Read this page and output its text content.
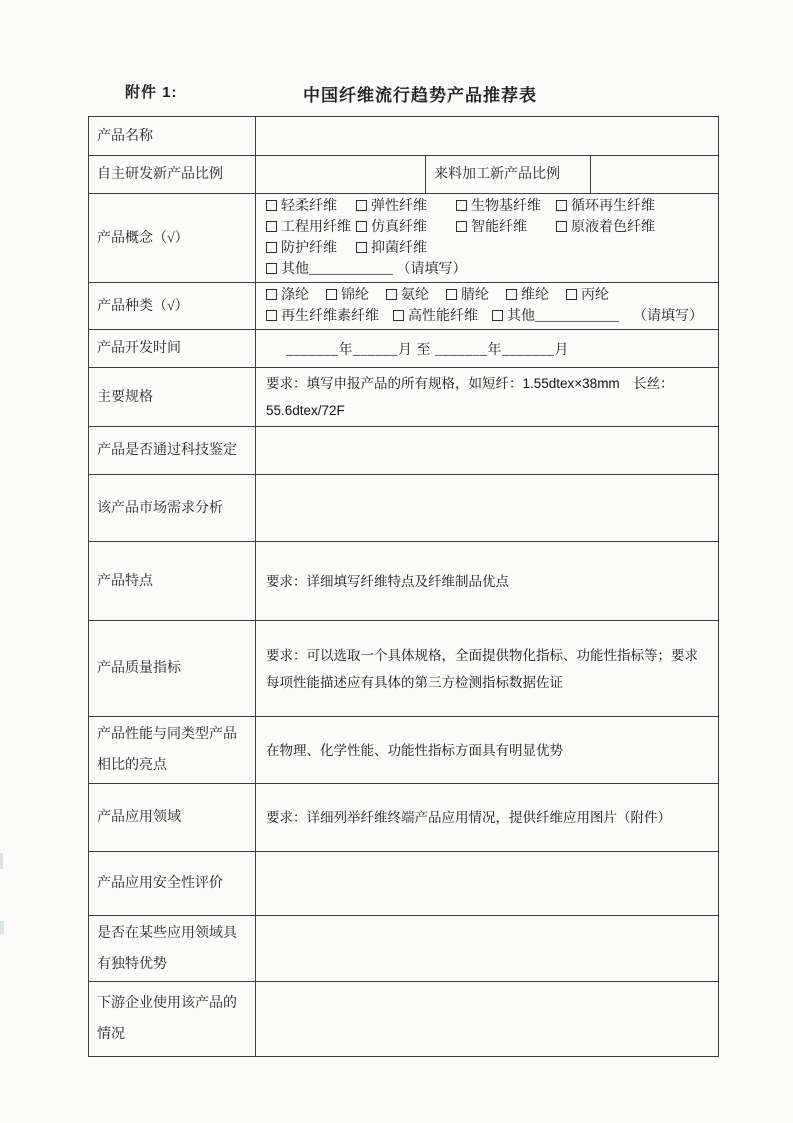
附件 1:	中国纤维流行趋势产品推荐表
产品名称			
自主研发新产品比例		来料加工新产品比例	
产品概念（√）	
轻柔纤维	弹性纤维	生物基纤维	循环再生纤维
工程用纤维	仿真纤维	智能纤维	原液着色纤维
防护纤维	抑菌纤维
其他____________ （请填写）

产品种类（√）	
涤纶	锦纶	氨纶	腈纶	维纶	丙纶
再生纤维素纤维	高性能纤维	其他____________ （请填写）

产品开发时间	_______年______月 至 _______年_______月		

主要规格	要求：填写申报产品的所有规格，如短纤：1.55dtex×38mm　长丝：
55.6dtex/72F		

产品是否通过科技鉴定			
该产品市场需求分析			
产品特点	要求：详细填写纤维特点及纤维制品优点		

产品质量指标	要求：可以选取一个具体规格，全面提供物化指标、功能性指标等；要求每项性能描述应有具体的第三方检测指标数据佐证		

产品性能与同类型产品相比的亮点	在物理、化学性能、功能性指标方面具有明显优势		

产品应用领域	要求：详细列举纤维终端产品应用情况，提供纤维应用图片（附件）		

产品应用安全性评价			
是否在某些应用领域具有独特优势			
下游企业使用该产品的情况			
